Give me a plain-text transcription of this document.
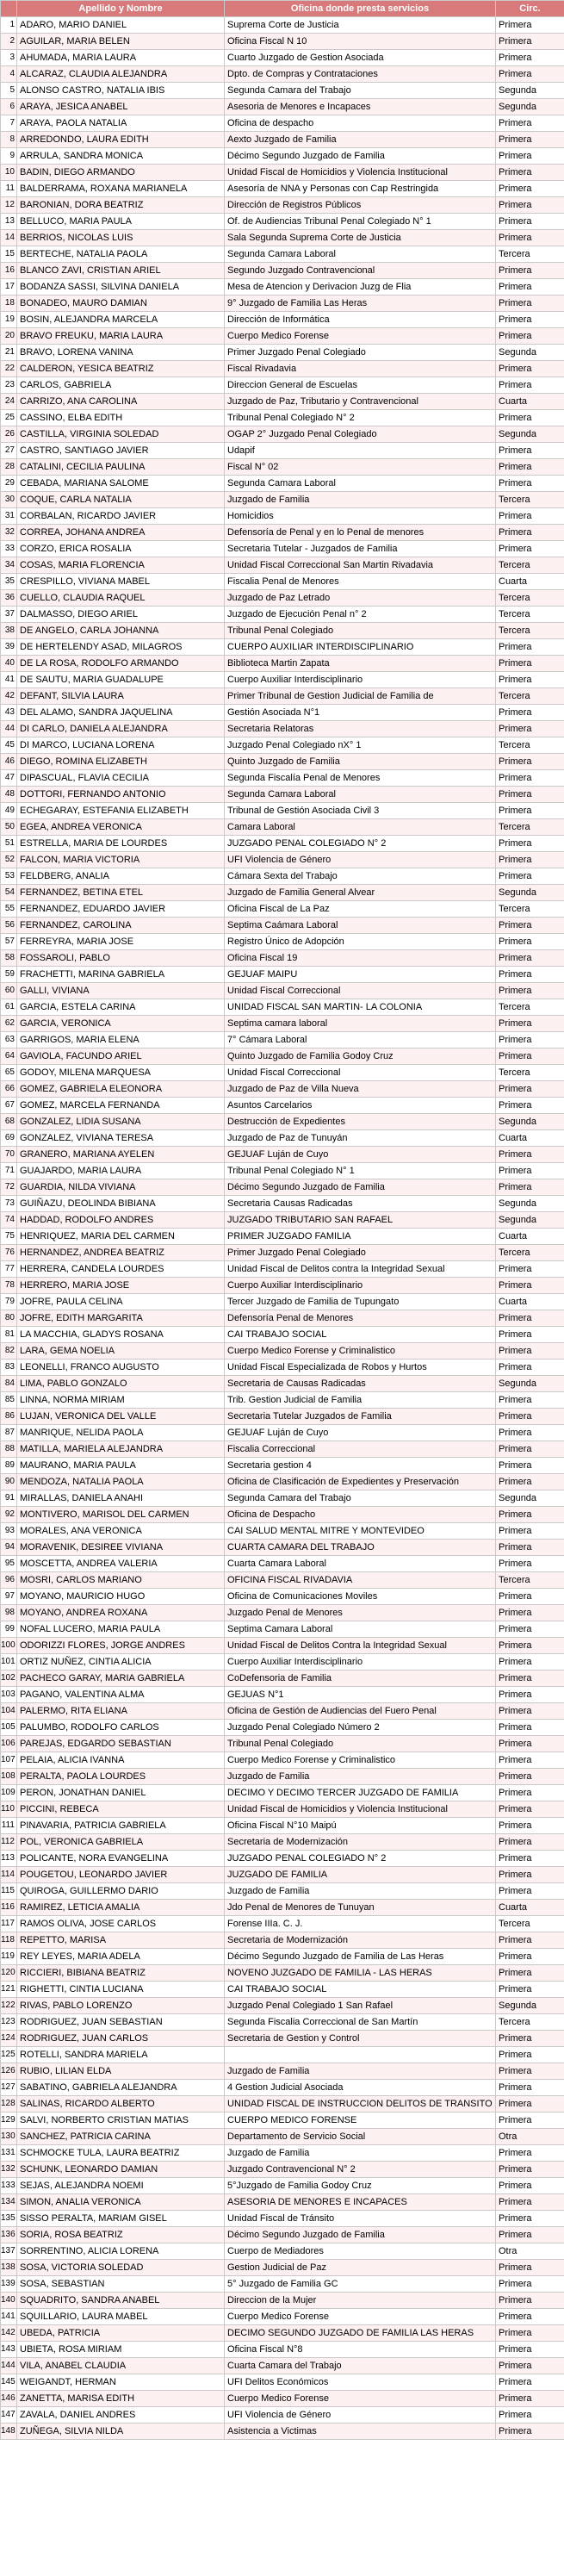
	Apellido y Nombre	Oficina donde presta servicios	Circ.
1	ADARO, MARIO DANIEL	Suprema Corte de Justicia	Primera
2	AGUILAR, MARIA BELEN	Oficina Fiscal N 10	Primera
3	AHUMADA, MARIA LAURA	Cuarto Juzgado de Gestion Asociada	Primera
4	ALCARAZ, CLAUDIA ALEJANDRA	Dpto. de Compras y Contrataciones	Primera
5	ALONSO CASTRO, NATALIA IBIS	Segunda Camara del Trabajo	Segunda
6	ARAYA, JESICA ANABEL	Asesoria de Menores e Incapaces	Segunda
7	ARAYA, PAOLA NATALIA	Oficina de despacho	Primera
8	ARREDONDO, LAURA EDITH	Aexto Juzgado de Familia	Primera
9	ARRULA, SANDRA MONICA	Décimo Segundo Juzgado de Familia	Primera
10	BADIN, DIEGO ARMANDO	Unidad Fiscal de Homicidios y Violencia Institucional	Primera
11	BALDERRAMA, ROXANA MARIANELA	Asesoría de NNA y Personas con Cap Restringida	Primera
12	BARONIAN, DORA BEATRIZ	Dirección de Registros Públicos	Primera
13	BELLUCO, MARIA PAULA	Of. de Audiencias Tribunal Penal Colegiado N° 1	Primera
14	BERRIOS, NICOLAS LUIS	Sala Segunda Suprema Corte de Justicia	Primera
15	BERTECHE, NATALIA PAOLA	Segunda Camara Laboral	Tercera
16	BLANCO ZAVI, CRISTIAN ARIEL	Segundo Juzgado Contravencional	Primera
17	BODANZA SASSI, SILVINA DANIELA	Mesa de Atencion y Derivacion Juzg de Flia	Primera
18	BONADEO, MAURO DAMIAN	9° Juzgado de Familia Las Heras	Primera
19	BOSIN, ALEJANDRA MARCELA	Dirección de Informática	Primera
20	BRAVO FREUKU, MARIA LAURA	Cuerpo Medico Forense	Primera
21	BRAVO, LORENA VANINA	Primer Juzgado Penal Colegiado	Segunda
22	CALDERON, YESICA BEATRIZ	Fiscal Rivadavia	Primera
23	CARLOS, GABRIELA	Direccion General de Escuelas	Primera
24	CARRIZO, ANA CAROLINA	Juzgado de Paz, Tributario y Contravencional	Cuarta
25	CASSINO, ELBA EDITH	Tribunal Penal Colegiado N° 2	Primera
26	CASTILLA, VIRGINIA SOLEDAD	OGAP 2° Juzgado Penal Colegiado	Segunda
27	CASTRO, SANTIAGO JAVIER	Udapif	Primera
28	CATALINI, CECILIA PAULINA	Fiscal N° 02	Primera
29	CEBADA, MARIANA SALOME	Segunda Camara Laboral	Primera
30	COQUE, CARLA NATALIA	Juzgado de Familia	Tercera
31	CORBALAN, RICARDO JAVIER	Homicidios	Primera
32	CORREA, JOHANA ANDREA	Defensoría de Penal y en lo Penal de menores	Primera
33	CORZO, ERICA ROSALIA	Secretaria Tutelar - Juzgados de Familia	Primera
34	COSAS, MARIA FLORENCIA	Unidad Fiscal Correccional San Martin Rivadavia	Tercera
35	CRESPILLO, VIVIANA MABEL	Fiscalia Penal de Menores	Cuarta
36	CUELLO, CLAUDIA RAQUEL	Juzgado de Paz Letrado	Tercera
37	DALMASSO, DIEGO ARIEL	Juzgado de Ejecución Penal n° 2	Tercera
38	DE ANGELO, CARLA JOHANNA	Tribunal Penal Colegiado	Tercera
39	DE HERTELENDY ASAD, MILAGROS	CUERPO AUXILIAR INTERDISCIPLINARIO	Primera
40	DE LA ROSA, RODOLFO ARMANDO	Biblioteca Martin Zapata	Primera
41	DE SAUTU, MARIA GUADALUPE	Cuerpo Auxiliar Interdisciplinario	Primera
42	DEFANT, SILVIA LAURA	Primer Tribunal de Gestion Judicial de Familia de	Tercera
43	DEL ALAMO, SANDRA JAQUELINA	Gestión Asociada N°1	Primera
44	DI CARLO, DANIELA ALEJANDRA	Secretaria Relatoras	Primera
45	DI MARCO, LUCIANA LORENA	Juzgado Penal Colegiado nX° 1	Tercera
46	DIEGO, ROMINA ELIZABETH	Quinto Juzgado de Familia	Primera
47	DIPASCUAL, FLAVIA CECILIA	Segunda Fiscalía Penal de Menores	Primera
48	DOTTORI, FERNANDO ANTONIO	Segunda Camara Laboral	Primera
49	ECHEGARAY, ESTEFANIA ELIZABETH	Tribunal de Gestión Asociada Civil 3	Primera
50	EGEA, ANDREA VERONICA	Camara Laboral	Tercera
51	ESTRELLA, MARIA DE LOURDES	JUZGADO PENAL COLEGIADO N° 2	Primera
52	FALCON, MARIA VICTORIA	UFI Violencia de Género	Primera
53	FELDBERG, ANALIA	Cámara Sexta del Trabajo	Primera
54	FERNANDEZ, BETINA ETEL	Juzgado de Familia General Alvear	Segunda
55	FERNANDEZ, EDUARDO JAVIER	Oficina Fiscal de La Paz	Tercera
56	FERNANDEZ, CAROLINA	Septima Caámara Laboral	Primera
57	FERREYRA, MARIA JOSE	Registro Único de Adopción	Primera
58	FOSSAROLI, PABLO	Oficina Fiscal 19	Primera
59	FRACHETTI, MARINA GABRIELA	GEJUAF MAIPU	Primera
60	GALLI, VIVIANA	Unidad Fiscal Correccional	Primera
61	GARCIA, ESTELA CARINA	UNIDAD FISCAL SAN MARTIN- LA COLONIA	Tercera
62	GARCIA, VERONICA	Septima camara laboral	Primera
63	GARRIGOS, MARIA ELENA	7° Cámara Laboral	Primera
64	GAVIOLA, FACUNDO ARIEL	Quinto Juzgado de Familia Godoy Cruz	Primera
65	GODOY, MILENA MARQUESA	Unidad Fiscal Correccional	Tercera
66	GOMEZ, GABRIELA ELEONORA	Juzgado de Paz de Villa Nueva	Primera
67	GOMEZ, MARCELA FERNANDA	Asuntos Carcelarios	Primera
68	GONZALEZ, LIDIA SUSANA	Destrucción de Expedientes	Segunda
69	GONZALEZ, VIVIANA TERESA	Juzgado de Paz de Tunuyán	Cuarta
70	GRANERO, MARIANA AYELEN	GEJUAF Luján de Cuyo	Primera
71	GUAJARDO, MARIA LAURA	Tribunal Penal Colegiado N° 1	Primera
72	GUARDIA, NILDA VIVIANA	Décimo Segundo Juzgado de Familia	Primera
73	GUIÑAZU, DEOLINDA BIBIANA	Secretaria Causas Radicadas	Segunda
74	HADDAD, RODOLFO ANDRES	JUZGADO TRIBUTARIO SAN RAFAEL	Segunda
75	HENRIQUEZ, MARIA DEL CARMEN	PRIMER JUZGADO FAMILIA	Cuarta
76	HERNANDEZ, ANDREA BEATRIZ	Primer Juzgado Penal Colegiado	Tercera
77	HERRERA, CANDELA LOURDES	Unidad Fiscal de Delitos contra la Integridad Sexual	Primera
78	HERRERO, MARIA JOSE	Cuerpo Auxiliar Interdisciplinario	Primera
79	JOFRE, PAULA CELINA	Tercer Juzgado de Familia de Tupungato	Cuarta
80	JOFRE, EDITH MARGARITA	Defensoría Penal de Menores	Primera
81	LA MACCHIA, GLADYS ROSANA	CAI TRABAJO SOCIAL	Primera
82	LARA, GEMA NOELIA	Cuerpo Medico Forense y Criminalistico	Primera
83	LEONELLI, FRANCO AUGUSTO	Unidad Fiscal Especializada de Robos y Hurtos	Primera
84	LIMA, PABLO GONZALO	Secretaria de Causas Radicadas	Segunda
85	LINNA, NORMA MIRIAM	Trib. Gestion Judicial de Familia	Primera
86	LUJAN, VERONICA DEL VALLE	Secretaria Tutelar Juzgados de Familia	Primera
87	MANRIQUE, NELIDA PAOLA	GEJUAF Luján de Cuyo	Primera
88	MATILLA, MARIELA ALEJANDRA	Fiscalia Correccional	Primera
89	MAURANO, MARIA PAULA	Secretaria gestion 4	Primera
90	MENDOZA, NATALIA PAOLA	Oficina de Clasificación de Expedientes y Preservación	Primera
91	MIRALLAS, DANIELA ANAHI	Segunda Camara del Trabajo	Segunda
92	MONTIVERO, MARISOL DEL CARMEN	Oficina de Despacho	Primera
93	MORALES, ANA VERONICA	CAI SALUD MENTAL MITRE Y MONTEVIDEO	Primera
94	MORAVENIK, DESIREE VIVIANA	CUARTA CAMARA DEL TRABAJO	Primera
95	MOSCETTA, ANDREA VALERIA	Cuarta Camara Laboral	Primera
96	MOSRI, CARLOS MARIANO	OFICINA FISCAL RIVADAVIA	Tercera
97	MOYANO, MAURICIO HUGO	Oficina de Comunicaciones Moviles	Primera
98	MOYANO, ANDREA ROXANA	Juzgado Penal de Menores	Primera
99	NOFAL LUCERO, MARIA PAULA	Septima Camara Laboral	Primera
100	ODORIZZI FLORES, JORGE ANDRES	Unidad Fiscal de Delitos Contra la Integridad Sexual	Primera
101	ORTIZ NUÑEZ, CINTIA ALICIA	Cuerpo Auxiliar Interdisciplinario	Primera
102	PACHECO GARAY, MARIA GABRIELA	CoDefensoria de Familia	Primera
103	PAGANO, VALENTINA ALMA	GEJUAS N°1	Primera
104	PALERMO, RITA ELIANA	Oficina de Gestión de Audiencias del Fuero Penal	Primera
105	PALUMBO, RODOLFO CARLOS	Juzgado Penal Colegiado Número 2	Primera
106	PAREJAS, EDGARDO SEBASTIAN	Tribunal Penal Colegiado	Primera
107	PELAIA, ALICIA IVANNA	Cuerpo Medico Forense y Criminalistico	Primera
108	PERALTA, PAOLA LOURDES	Juzgado de Familia	Primera
109	PERON, JONATHAN DANIEL	DECIMO Y DECIMO TERCER JUZGADO DE FAMILIA	Primera
110	PICCINI, REBECA	Unidad Fiscal de Homicidios y Violencia Institucional	Primera
111	PINAVARIA, PATRICIA GABRIELA	Oficina Fiscal N°10 Maipú	Primera
112	POL, VERONICA GABRIELA	Secretaria de Modernización	Primera
113	POLICANTE, NORA EVANGELINA	JUZGADO PENAL COLEGIADO N° 2	Primera
114	POUGETOU, LEONARDO JAVIER	JUZGADO DE FAMILIA	Primera
115	QUIROGA, GUILLERMO DARIO	Juzgado de Familia	Primera
116	RAMIREZ, LETICIA AMALIA	Jdo Penal de Menores de Tunuyan	Cuarta
117	RAMOS OLIVA, JOSE CARLOS	Forense IIIa. C. J.	Tercera
118	REPETTO, MARISA	Secretaria de Modernización	Primera
119	REY LEYES, MARIA ADELA	Décimo Segundo Juzgado de Familia de Las Heras	Primera
120	RICCIERI, BIBIANA BEATRIZ	NOVENO JUZGADO DE FAMILIA - LAS HERAS	Primera
121	RIGHETTI, CINTIA LUCIANA	CAI TRABAJO SOCIAL	Primera
122	RIVAS, PABLO LORENZO	Juzgado Penal Colegiado 1 San Rafael	Segunda
123	RODRIGUEZ, JUAN SEBASTIAN	Segunda Fiscalia Correccional de San Martín	Tercera
124	RODRIGUEZ, JUAN CARLOS	Secretaria de Gestion y Control	Primera
125	ROTELLI, SANDRA MARIELA		Primera
126	RUBIO, LILIAN ELDA	Juzgado de Familia	Primera
127	SABATINO, GABRIELA ALEJANDRA	4 Gestion Judicial Asociada	Primera
128	SALINAS, RICARDO ALBERTO	UNIDAD FISCAL DE INSTRUCCION DELITOS DE TRANSITO	Primera
129	SALVI, NORBERTO CRISTIAN MATIAS	CUERPO MEDICO FORENSE	Primera
130	SANCHEZ, PATRICIA CARINA	Departamento de Servicio Social	Otra
131	SCHMOCKE TULA, LAURA BEATRIZ	Juzgado de Familia	Primera
132	SCHUNK, LEONARDO DAMIAN	Juzgado Contravencional N° 2	Primera
133	SEJAS, ALEJANDRA NOEMI	5°Juzgado de Familia Godoy Cruz	Primera
134	SIMON, ANALIA VERONICA	ASESORIA DE MENORES E INCAPACES	Primera
135	SISSO PERALTA, MARIAM GISEL	Unidad Fiscal de Tránsito	Primera
136	SORIA, ROSA BEATRIZ	Décimo Segundo Juzgado de Familia	Primera
137	SORRENTINO, ALICIA LORENA	Cuerpo de Mediadores	Otra
138	SOSA, VICTORIA SOLEDAD	Gestion Judicial de Paz	Primera
139	SOSA, SEBASTIAN	5° Juzgado de Familia GC	Primera
140	SQUADRITO, SANDRA ANABEL	Direccion de la Mujer	Primera
141	SQUILLARIO, LAURA MABEL	Cuerpo Medico Forense	Primera
142	UBEDA, PATRICIA	DECIMO SEGUNDO JUZGADO DE FAMILIA LAS HERAS	Primera
143	UBIETA, ROSA MIRIAM	Oficina Fiscal N°8	Primera
144	VILA, ANABEL CLAUDIA	Cuarta Camara del Trabajo	Primera
145	WEIGANDT, HERMAN	UFI Delitos Económicos	Primera
146	ZANETTA, MARISA EDITH	Cuerpo Medico Forense	Primera
147	ZAVALA, DANIEL ANDRES	UFI Violencia de Género	Primera
148	ZUÑEGA, SILVIA NILDA	Asistencia a Victimas	Primera
